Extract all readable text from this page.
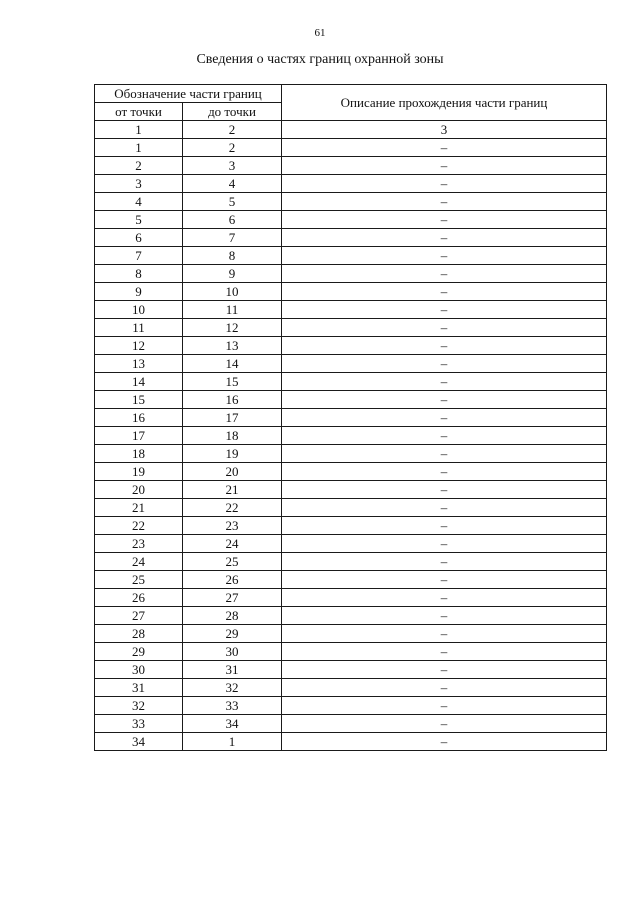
61
Сведения о частях границ охранной зоны
Обозначение части границ		Описание прохождения части границ
от точки	до точки	
1	2	3
1	2	–
2	3	–
3	4	–
4	5	–
5	6	–
6	7	–
7	8	–
8	9	–
9	10	–
10	11	–
11	12	–
12	13	–
13	14	–
14	15	–
15	16	–
16	17	–
17	18	–
18	19	–
19	20	–
20	21	–
21	22	–
22	23	–
23	24	–
24	25	–
25	26	–
26	27	–
27	28	–
28	29	–
29	30	–
30	31	–
31	32	–
32	33	–
33	34	–
34	1	–
